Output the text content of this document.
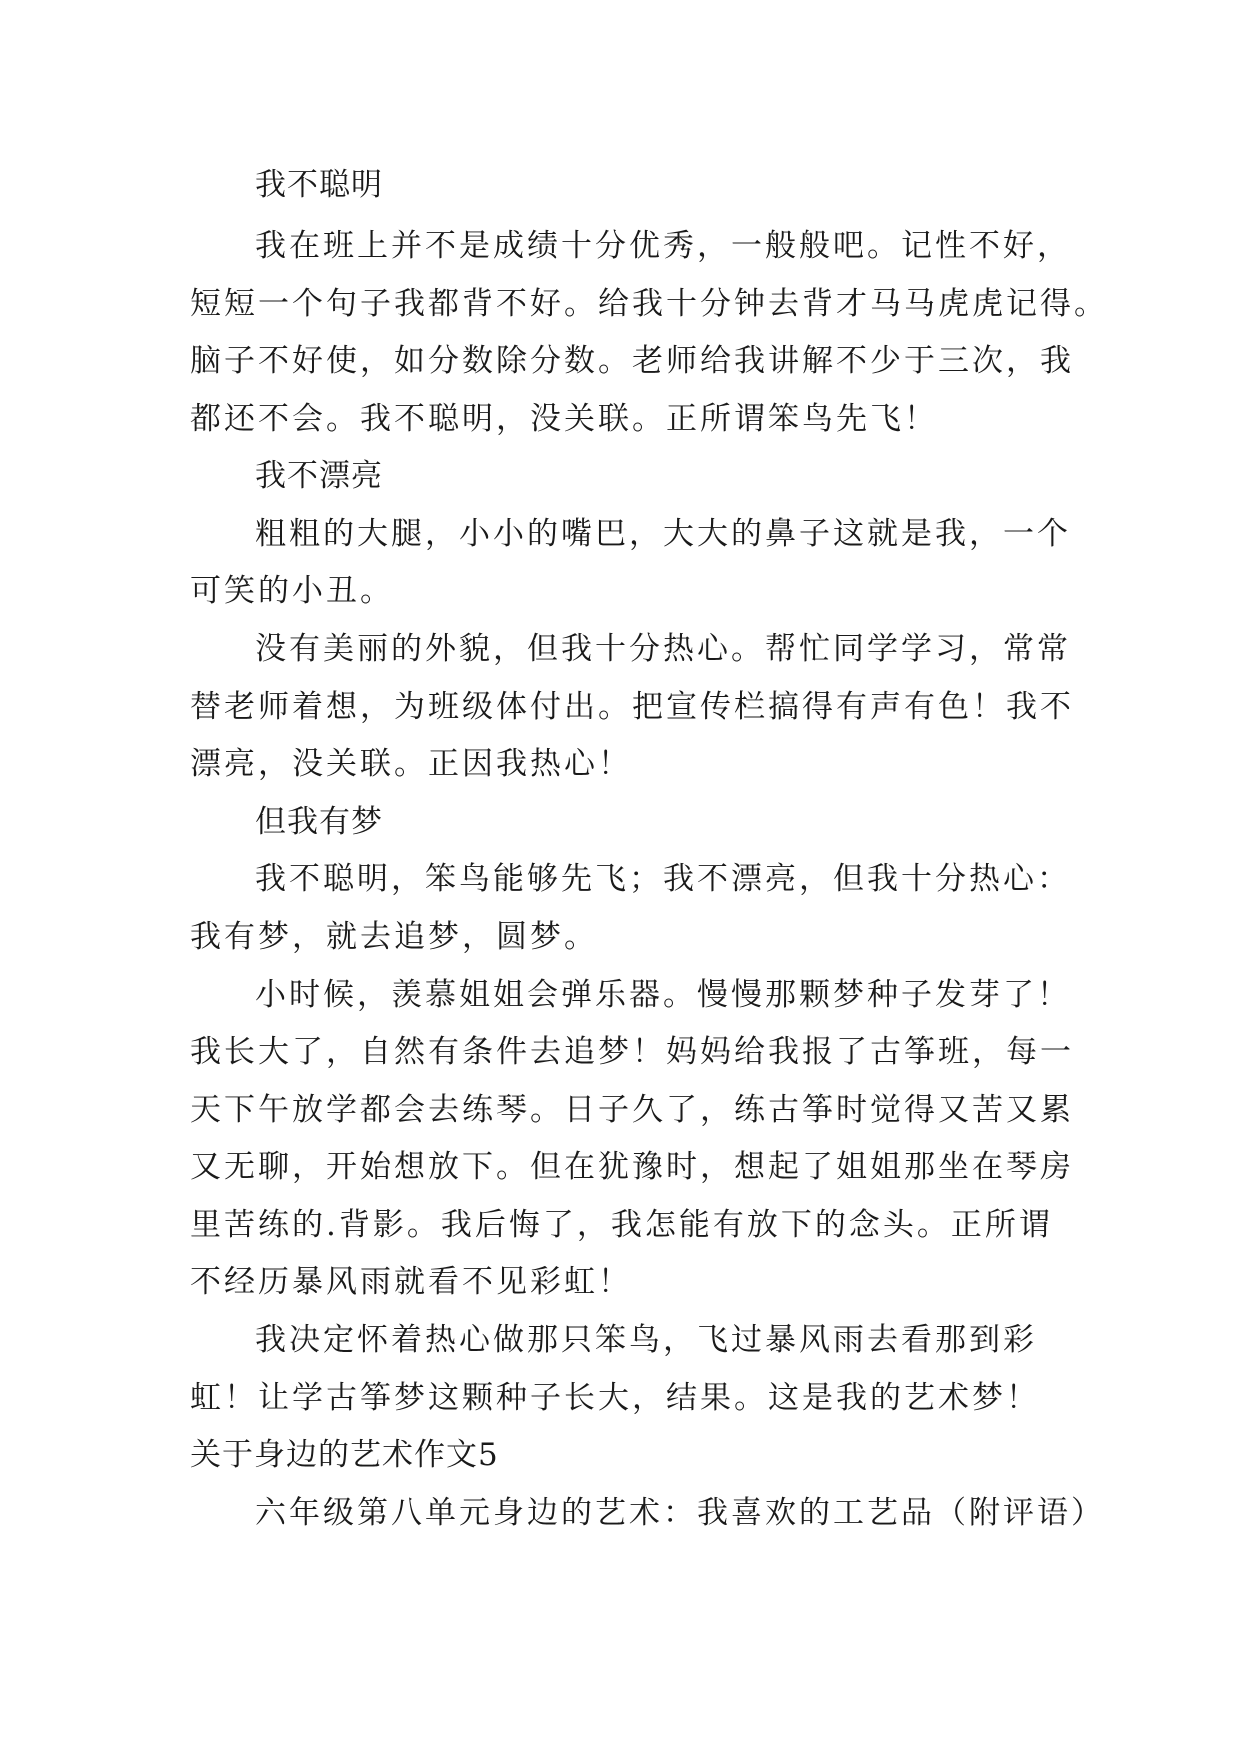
我不聪明
我在班上并不是成绩十分优秀，一般般吧。记性不好，
短短一个句子我都背不好。给我十分钟去背才马马虎虎记得。
脑子不好使，如分数除分数。老师给我讲解不少于三次，我
都还不会。我不聪明，没关联。正所谓笨鸟先飞！
我不漂亮
粗粗的大腿，小小的嘴巴，大大的鼻子这就是我，一个
可笑的小丑。
没有美丽的外貌，但我十分热心。帮忙同学学习，常常
替老师着想，为班级体付出。把宣传栏搞得有声有色！我不
漂亮，没关联。正因我热心！
但我有梦
我不聪明，笨鸟能够先飞；我不漂亮，但我十分热心：
我有梦，就去追梦，圆梦。
小时候，羡慕姐姐会弹乐器。慢慢那颗梦种子发芽了！
我长大了，自然有条件去追梦！妈妈给我报了古筝班，每一
天下午放学都会去练琴。日子久了，练古筝时觉得又苦又累
又无聊，开始想放下。但在犹豫时，想起了姐姐那坐在琴房
里苦练的.背影。我后悔了，我怎能有放下的念头。正所谓
不经历暴风雨就看不见彩虹！
我决定怀着热心做那只笨鸟，飞过暴风雨去看那到彩
虹！让学古筝梦这颗种子长大，结果。这是我的艺术梦！
关于身边的艺术作文5
六年级第八单元身边的艺术：我喜欢的工艺品（附评语）
